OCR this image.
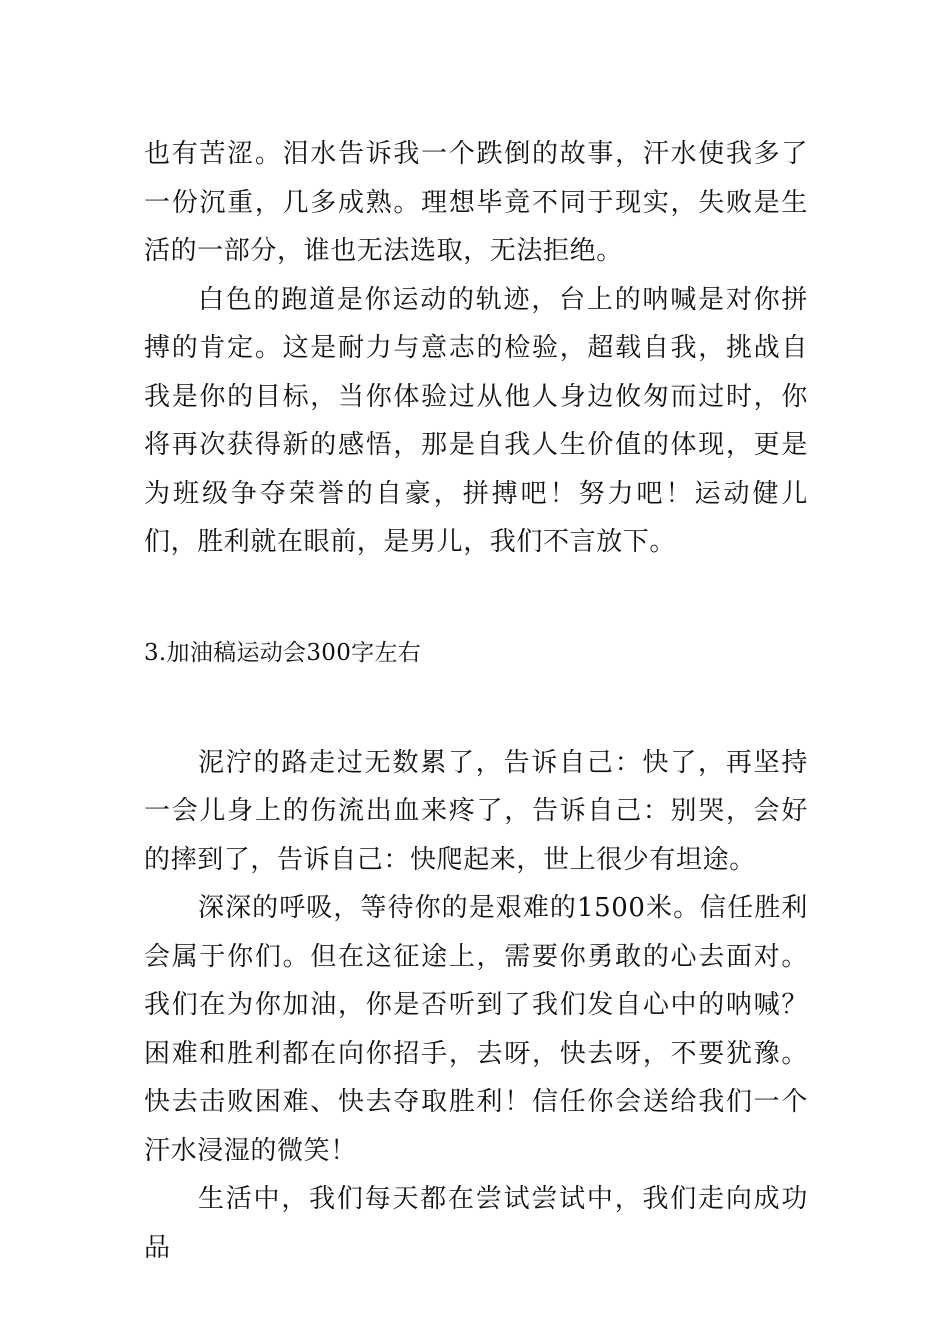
也有苦涩。泪水告诉我一个跌倒的故事，汗水使我多了一份沉重，几多成熟。理想毕竟不同于现实，失败是生活的一部分，谁也无法选取，无法拒绝。

白色的跑道是你运动的轨迹，台上的呐喊是对你拼搏的肯定。这是耐力与意志的检验，超载自我，挑战自我是你的目标，当你体验过从他人身边攸匆而过时，你将再次获得新的感悟，那是自我人生价值的体现，更是为班级争夺荣誉的自豪，拼搏吧！努力吧！运动健儿们，胜利就在眼前，是男儿，我们不言放下。

3.加油稿运动会300字左右

泥泞的路走过无数累了，告诉自己：快了，再坚持一会儿身上的伤流出血来疼了，告诉自己：别哭，会好的摔到了，告诉自己：快爬起来，世上很少有坦途。

深深的呼吸，等待你的是艰难的1500米。信任胜利会属于你们。但在这征途上，需要你勇敢的心去面对。我们在为你加油，你是否听到了我们发自心中的呐喊？困难和胜利都在向你招手，去呀，快去呀，不要犹豫。快去击败困难、快去夺取胜利！信任你会送给我们一个汗水浸湿的微笑！

生活中，我们每天都在尝试尝试中，我们走向成功品
